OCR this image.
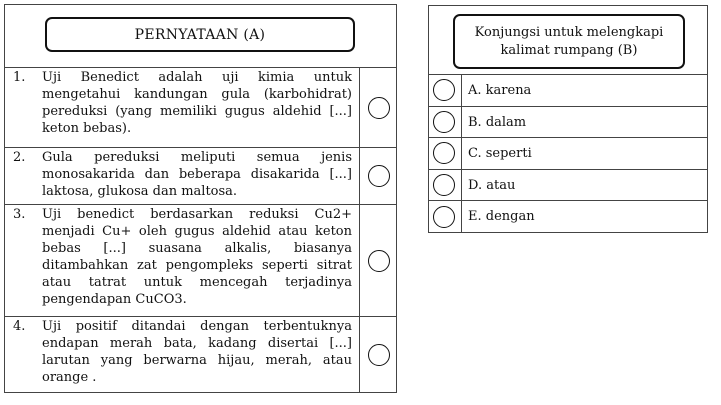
PERNYATAAN (A)
1. Uji Benedict adalah uji kimia untuk mengetahui kandungan gula (karbohidrat) pereduksi (yang memiliki gugus aldehid [...] keton bebas).
2. Gula pereduksi meliputi semua jenis monosakarida dan beberapa disakarida [...] laktosa, glukosa dan maltosa.
3. Uji benedict berdasarkan reduksi Cu2+ menjadi Cu+ oleh gugus aldehid atau keton bebas [...] suasana alkalis, biasanya ditambahkan zat pengompleks seperti sitrat atau tatrat untuk mencegah terjadinya pengendapan CuCO3.
4. Uji positif ditandai dengan terbentuknya endapan merah bata, kadang disertai [...] larutan yang berwarna hijau, merah, atau orange .
Konjungsi untuk melengkapi kalimat rumpang (B)
A. karena
B. dalam
C. seperti
D. atau
E. dengan
